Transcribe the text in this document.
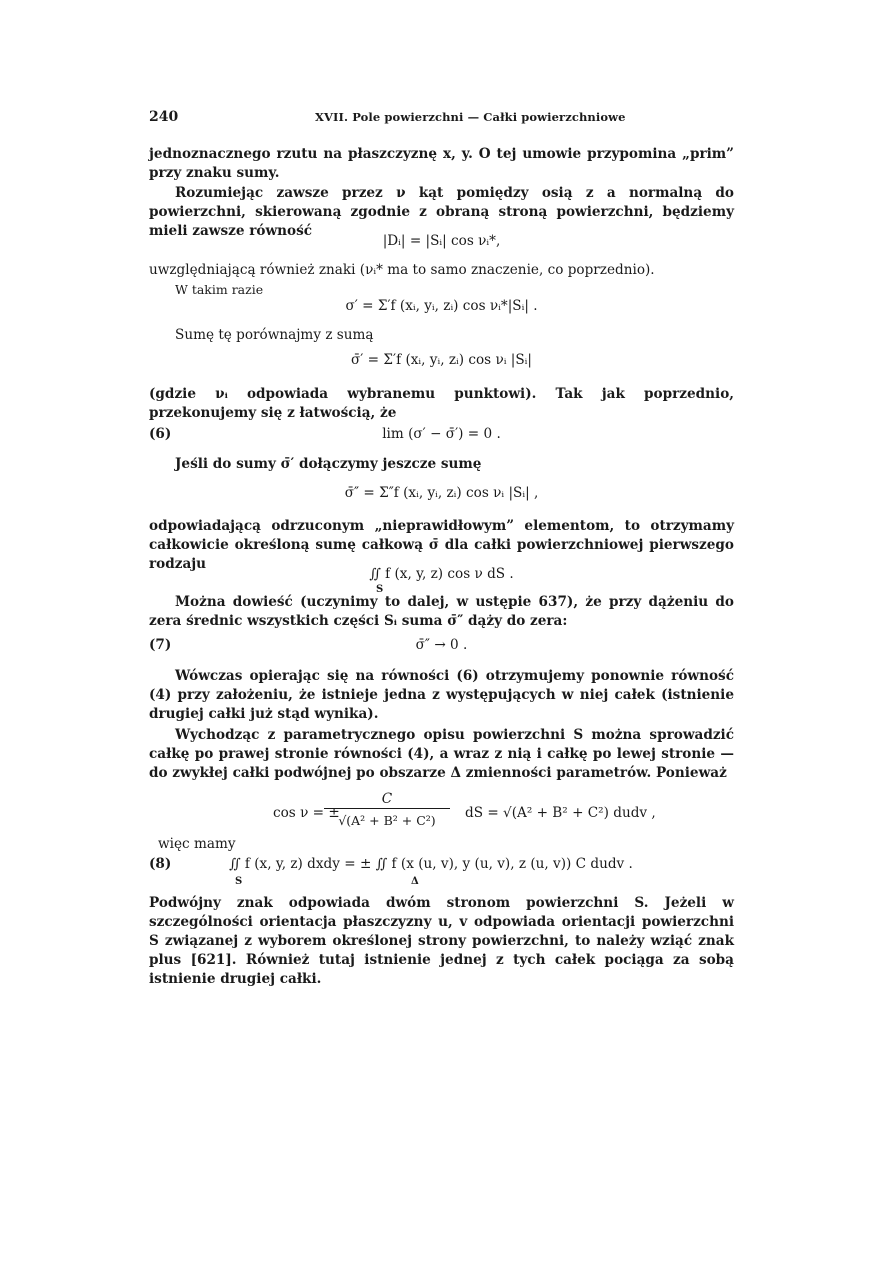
240	XVII. Pole powierzchni — Całki powierzchniowe
jednoznacznego rzutu na płaszczyznę x, y. O tej umowie przypomina „prim” przy znaku sumy.
Rozumiejąc zawsze przez ν kąt pomiędzy osią z a normalną do powierzchni, skierowaną zgodnie z obraną stroną powierzchni, będziemy mieli zawsze równość
|Dᵢ| = |Sᵢ| cos νᵢ*,
uwzględniającą również znaki (νᵢ* ma to samo znaczenie, co poprzednio).
W takim razie
σ′ = Σ′f (xᵢ, yᵢ, zᵢ) cos νᵢ*|Sᵢ| .
Sumę tę porównajmy z sumą
σ̄′ = Σ′f (xᵢ, yᵢ, zᵢ) cos νᵢ |Sᵢ|
(gdzie νᵢ odpowiada wybranemu punktowi). Tak jak poprzednio, przekonujemy się z łatwością, że
(6)	lim (σ′ − σ̄′) = 0 .
Jeśli do sumy σ̄′ dołączymy jeszcze sumę
σ̄″ = Σ″f (xᵢ, yᵢ, zᵢ) cos νᵢ |Sᵢ| ,
odpowiadającą odrzuconym „nieprawidłowym” elementom, to otrzymamy całkowicie określoną sumę całkową σ̄ dla całki powierzchniowej pierwszego rodzaju
∬ f (x, y, z) cos ν dS .
S
Można dowieść (uczynimy to dalej, w ustępie 637), że przy dążeniu do zera średnic wszystkich części Sᵢ suma σ̄″ dąży do zera:
(7)	σ̄″ → 0 .
Wówczas opierając się na równości (6) otrzymujemy ponownie równość (4) przy założeniu, że istnieje jedna z występujących w niej całek (istnienie drugiej całki już stąd wynika).
Wychodząc z parametrycznego opisu powierzchni S można sprowadzić całkę po prawej stronie równości (4), a wraz z nią i całkę po lewej stronie — do zwykłej całki podwójnej po obszarze Δ zmienności parametrów. Ponieważ
cos ν = ±
C
√(A² + B² + C²)	dS = √(A² + B² + C²) dudv ,
więc mamy
(8)	∬ f (x, y, z) dxdy = ± ∬ f (x (u, v), y (u, v), z (u, v)) C dudv .
S	Δ
Podwójny znak odpowiada dwóm stronom powierzchni S. Jeżeli w szczególności orientacja płaszczyzny u, v odpowiada orientacji powierzchni S związanej z wyborem określonej strony powierzchni, to należy wziąć znak plus [621]. Również tutaj istnienie jednej z tych całek pociąga za sobą istnienie drugiej całki.
